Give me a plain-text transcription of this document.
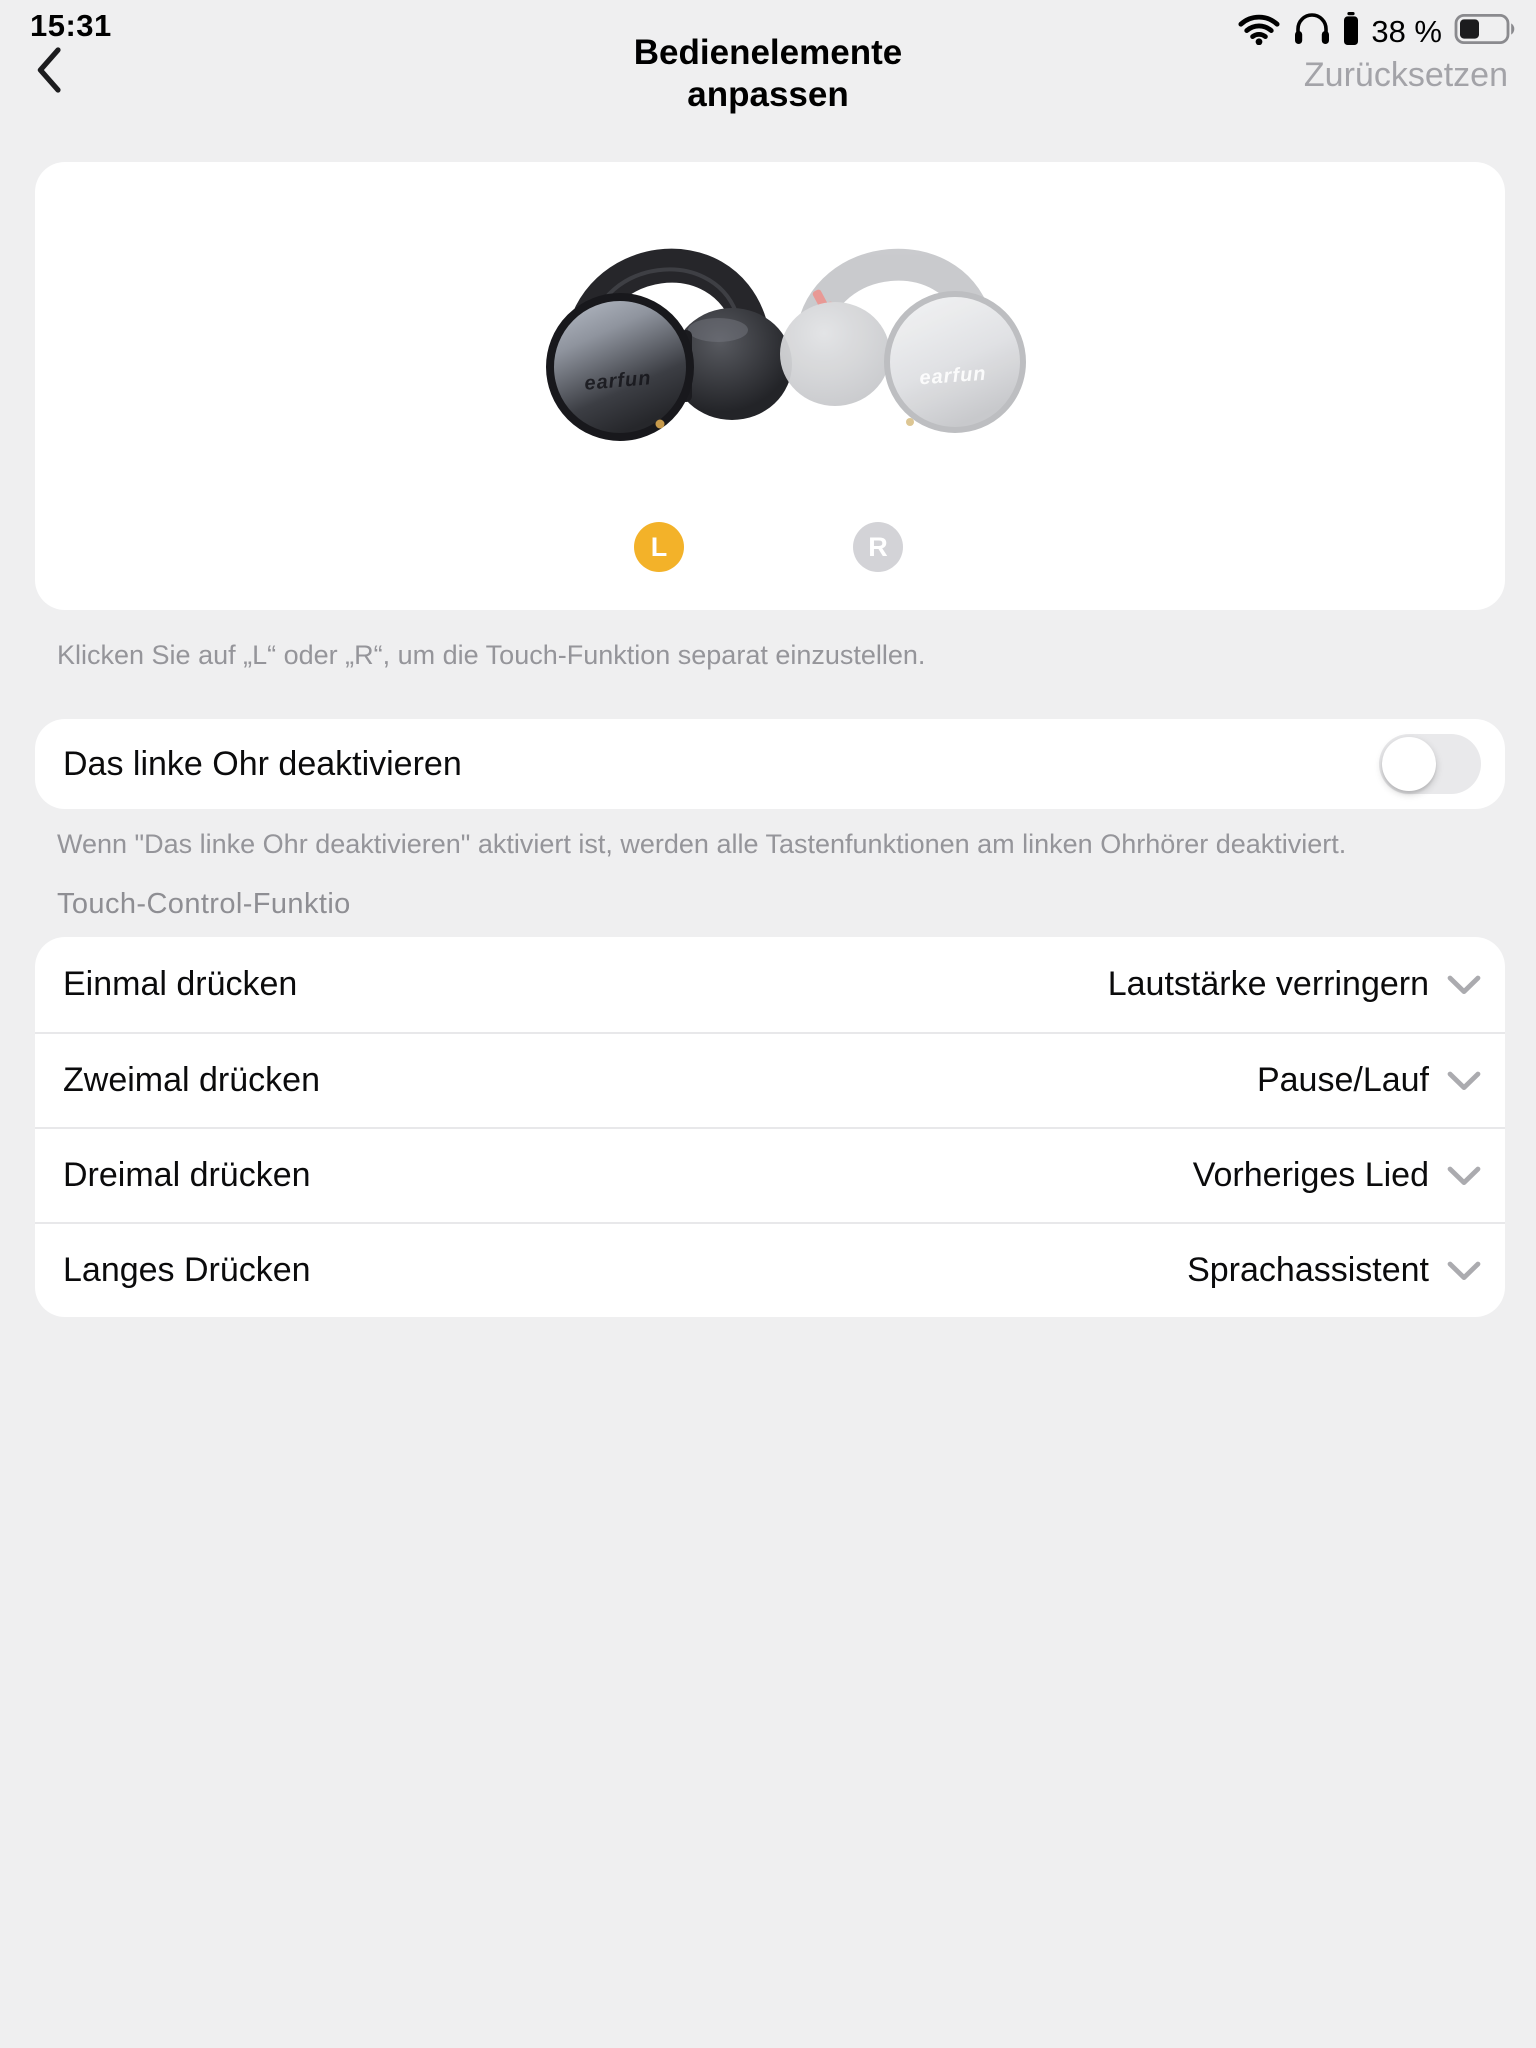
15:31	38 %
Bedienelemente anpassen	Zurücksetzen
earfun	earfun
L	R
Klicken Sie auf „L“ oder „R“, um die Touch-Funktion separat einzustellen.
Das linke Ohr deaktivieren
Wenn "Das linke Ohr deaktivieren" aktiviert ist, werden alle Tastenfunktionen am linken Ohrhörer deaktiviert.
Touch-Control-Funktio
Einmal drücken	Lautstärke verringern
Zweimal drücken	Pause/Lauf
Dreimal drücken	Vorheriges Lied
Langes Drücken	Sprachassistent
